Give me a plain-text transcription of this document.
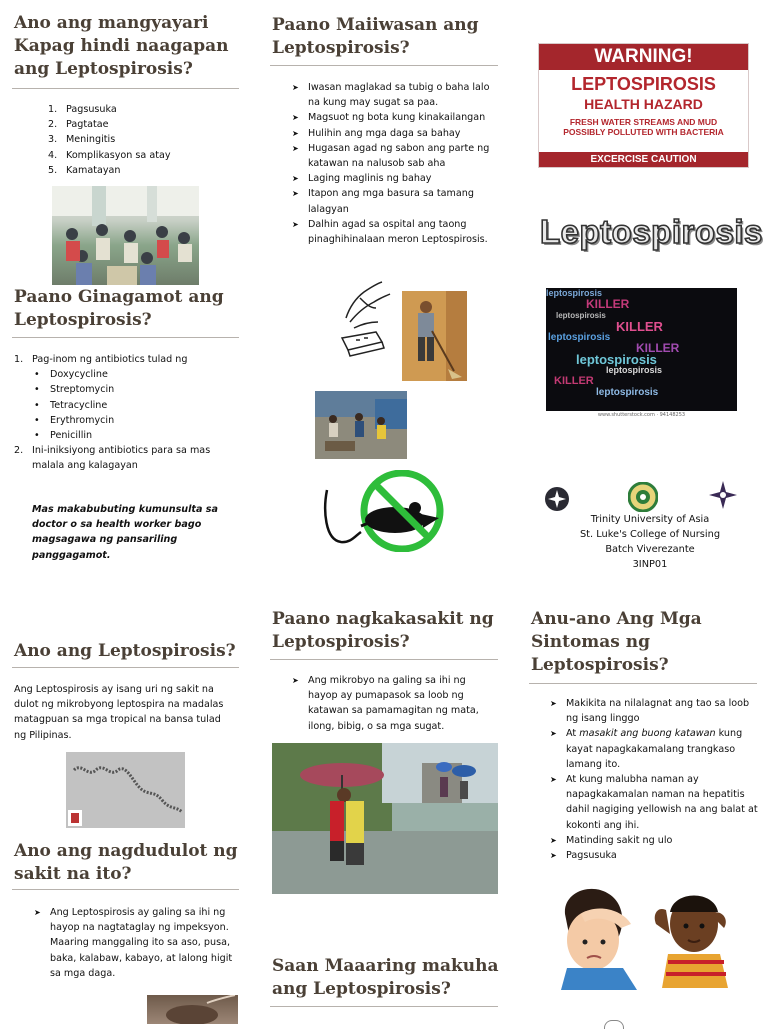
Ano ang mangyayari Kapag hindi naagapan ang Leptospirosis?
1. Pagsusuka
2. Pagtatae
3. Meningitis
4. Komplikasyon sa atay
5. Kamatayan
Paano Ginagamot ang Leptospirosis?
1. Pag-inom ng antibiotics tulad ng
• Doxycycline
• Streptomycin
• Tetracycline
• Erythromycin
• Penicillin
2. Ini-iniksiyong antibiotics para sa mas malala ang kalagayan
Mas makabubuting kumunsulta sa doctor o sa health worker bago magsagawa ng pansariling panggagamot.
Paano Maiiwasan ang Leptospirosis?
➤ Iwasan maglakad sa tubig o baha lalo na kung may sugat sa paa.
➤ Magsuot ng bota kung kinakailangan
➤ Hulihin ang mga daga sa bahay
➤ Hugasan agad ng sabon ang parte ng katawan na nalusob sab aha
➤ Laging maglinis ng bahay
➤ Itapon ang mga basura sa tamang lalagyan
➤ Dalhin agad sa ospital ang taong pinaghihinalaan meron Leptospirosis.
WARNING!
LEPTOSPIROSIS
HEALTH HAZARD
FRESH WATER STREAMS AND MUD
POSSIBLY POLLUTED WITH BACTERIA
EXCERCISE CAUTION
Leptospirosis
leptospirosis
KILLER
leptospirosis
KILLER
leptospirosis
KILLER
leptospirosis
leptospirosis
KILLER
leptospirosis
www.shutterstock.com · 94148253
Trinity University of Asia
St. Luke's College of Nursing
Batch Viverezante
3INP01
Ano ang Leptospirosis?
Ang Leptospirosis ay isang uri ng sakit na dulot ng mikrobyong leptospira na madalas matagpuan sa mga tropical na bansa tulad ng Pilipinas.
Ano ang nagdudulot ng sakit na ito?
➤ Ang Leptospirosis ay galing sa ihi ng hayop na nagtataglay ng impeksyon. Maaring manggaling ito sa aso, pusa, baka, kalabaw, kabayo, at lalong higit sa mga daga.
Paano nagkakasakit ng Leptospirosis?
➤ Ang mikrobyo na galing sa ihi ng hayop ay pumapasok sa loob ng katawan sa pamamagitan ng mata, ilong, bibig, o sa mga sugat.
Saan Maaaring makuha ang Leptospirosis?
Anu-ano Ang Mga Sintomas ng Leptospirosis?
➤ Makikita na nilalagnat ang tao sa loob ng isang linggo
➤ At masakit ang buong katawan kung kayat napagkakamalang trangkaso lamang ito.
➤ At kung malubha naman ay napagkakamalan naman na hepatitis dahil nagiging yellowish na ang balat at kokonti ang ihi.
➤ Matinding sakit ng ulo
➤ Pagsusuka
